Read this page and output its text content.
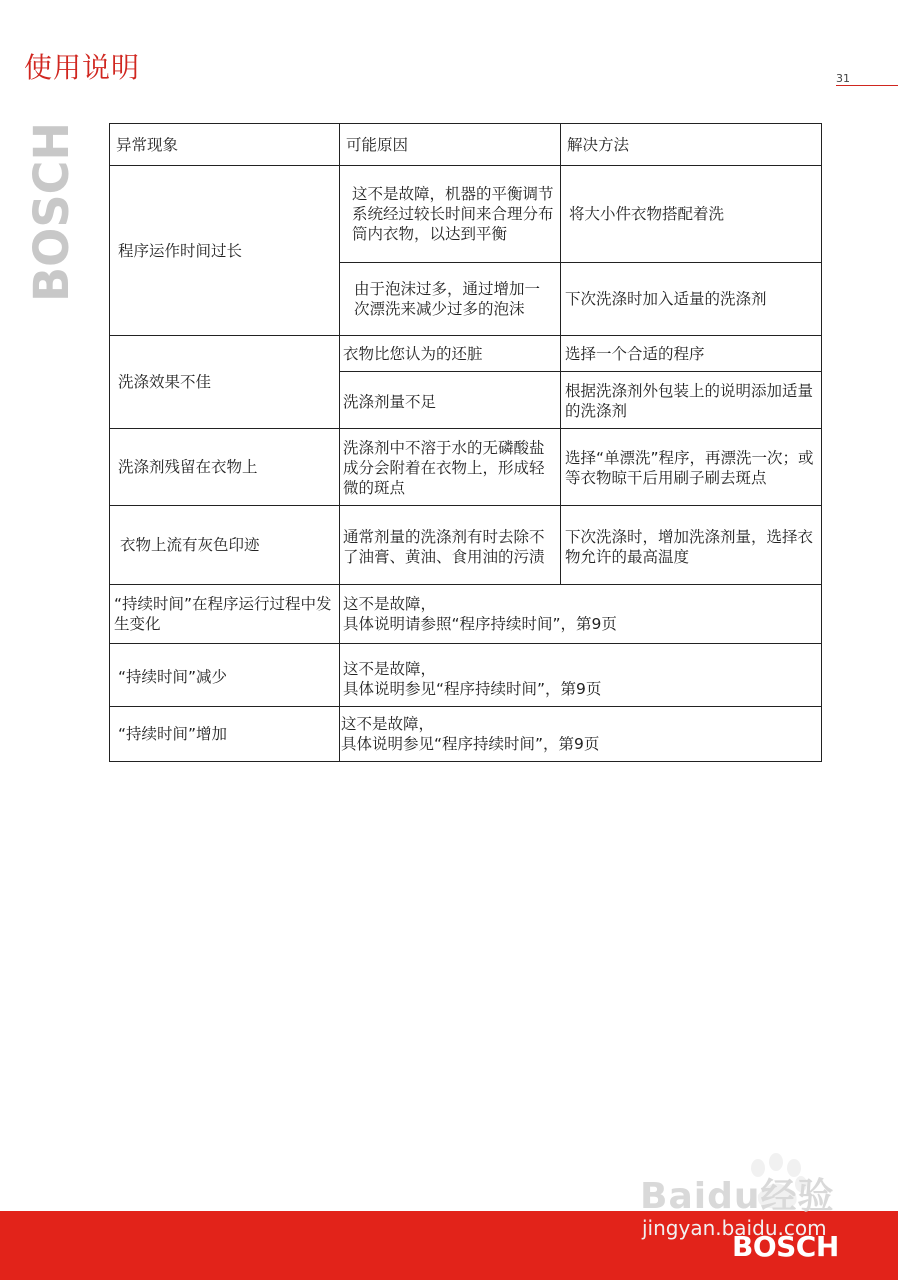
使用说明	31
BOSCH 异常现象	可能原因	解决方法
程序运作时间过长	这不是故障，机器的平衡调节系统经过较长时间来合理分布筒内衣物，以达到平衡	将大小件衣物搭配着洗
	由于泡沫过多，通过增加一次漂洗来减少过多的泡沫	下次洗涤时加入适量的洗涤剂
洗涤效果不佳	衣物比您认为的还脏	选择一个合适的程序
	洗涤剂量不足	根据洗涤剂外包装上的说明添加适量的洗涤剂
洗涤剂残留在衣物上	洗涤剂中不溶于水的无磷酸盐成分会附着在衣物上，形成轻微的斑点	选择“单漂洗”程序，再漂洗一次；或等衣物晾干后用刷子刷去斑点
衣物上流有灰色印迹	通常剂量的洗涤剂有时去除不了油膏、黄油、食用油的污渍	下次洗涤时，增加洗涤剂量，选择衣物允许的最高温度
“持续时间”在程序运行过程中发生变化	这不是故障，
具体说明请参照“程序持续时间”，第9页	

“持续时间”减少	这不是故障，
具体说明参见“程序持续时间”，第9页	

“持续时间”增加	这不是故障，
具体说明参见“程序持续时间”，第9页	
Baidu经验
jingyan.baidu.com
BOSCH
